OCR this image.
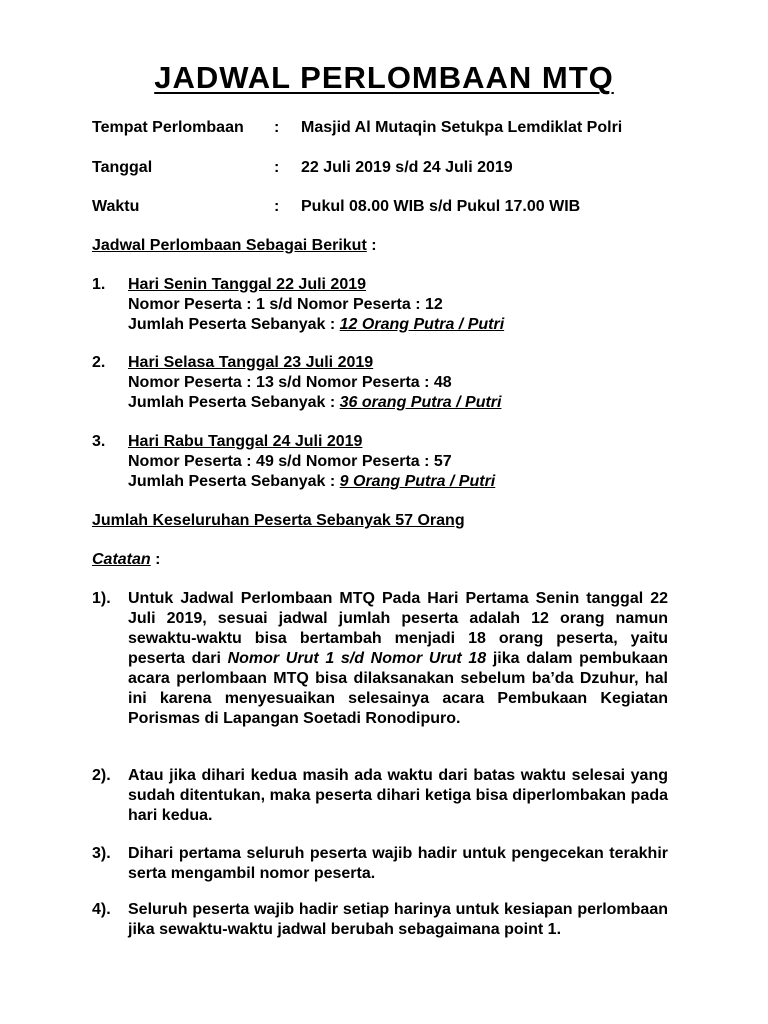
JADWAL PERLOMBAAN MTQ
Tempat Perlombaan : Masjid Al Mutaqin Setukpa Lemdiklat Polri
Tanggal	: 22 Juli 2019 s/d 24 Juli 2019
Waktu	: Pukul 08.00 WIB s/d Pukul 17.00 WIB
Jadwal Perlombaan Sebagai Berikut :
1. Hari Senin Tanggal 22 Juli 2019
Nomor Peserta : 1 s/d Nomor Peserta : 12
Jumlah Peserta Sebanyak : 12 Orang Putra / Putri
2. Hari Selasa Tanggal 23 Juli 2019
Nomor Peserta : 13 s/d Nomor Peserta : 48
Jumlah Peserta Sebanyak : 36 orang Putra / Putri
3. Hari Rabu Tanggal 24 Juli 2019
Nomor Peserta : 49 s/d Nomor Peserta : 57
Jumlah Peserta Sebanyak : 9 Orang Putra / Putri
Jumlah Keseluruhan Peserta Sebanyak 57 Orang
Catatan :
1). Untuk Jadwal Perlombaan MTQ Pada Hari Pertama Senin tanggal 22 Juli 2019, sesuai jadwal jumlah peserta adalah 12 orang namun sewaktu-waktu bisa bertambah menjadi 18 orang peserta, yaitu peserta dari Nomor Urut 1 s/d Nomor Urut 18 jika dalam pembukaan acara perlombaan MTQ bisa dilaksanakan sebelum ba’da Dzuhur, hal ini karena menyesuaikan selesainya acara Pembukaan Kegiatan Porismas di Lapangan Soetadi Ronodipuro.
2). Atau jika dihari kedua masih ada waktu dari batas waktu selesai yang sudah ditentukan, maka peserta dihari ketiga bisa diperlombakan pada hari kedua.
3). Dihari pertama seluruh peserta wajib hadir untuk pengecekan terakhir serta mengambil nomor peserta.
4). Seluruh peserta wajib hadir setiap harinya untuk kesiapan perlombaan jika sewaktu-waktu jadwal berubah sebagaimana point 1.
